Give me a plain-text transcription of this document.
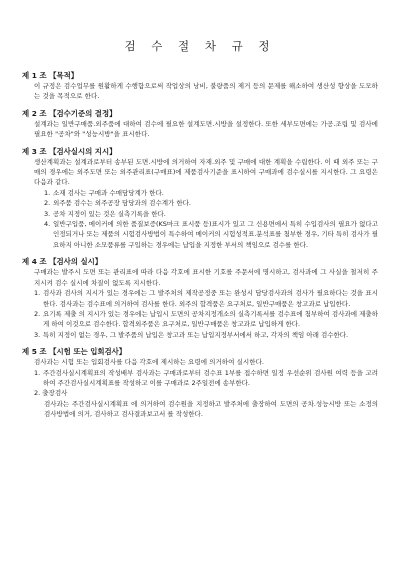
검 수 절 차 규 정

제 1 조 【목적】

이 규정은 검수업무를 원활하게 수행함으로써 작업상의 낭비, 불량품의 제거 등의 문제를 해소하여 생산성 향상을 도모하는 것을 목적으로 한다.

제 2 조 【검수기준의 결정】

설계과는 일반구매품.외주품에 대하여 검수에 필요한 설계도면.시방을 설정한다. 또한 세부도면에는 가공.조립 및 검사에 필요한 "공차"와 "성능시방"을 표시한다.

제 3 조 【검사실시의 지시】

생산계획과는 설계과로부터 송부된 도면.시방에 의거하여 자재.외주 및 구매에 대한 계획을 수립한다. 이 때 외주 또는 구매의 경우에는 외주도면 또는 외주관리표(구매표)에 제품검사기준을 표시하여 구매과에 검수실시를 지시한다. 그 요령은 다음과 같다.

1. 소재 검사는 구매과 수매담당계가 한다.
2. 외주품 검수는 외주공장 담당과의 검수계가 한다.
3. 공차 지정이 있는 것은 실측기록을 한다.
4. 일반구입품, 메이커에 의한 품질보증(KS마크 표시품 등)표시가 있고 그 신용면에서 특히 수입검사의 필요가 없다고 인정되거나 또는 제품의 시험검사방법이 특수하여 메이커의 시험성적표.분석표를 첨부한 경우, 기타 특히 검사가 필요하지 아니한 소모품류를 구입하는 경우에는 납입을 지정한 부서의 책임으로 검수를 한다.

제 4 조 【검사의 실시】

구매과는 발주시 도면 또는 관리표에 따라 다음 각호에 표시한 기호를 주문서에 명시하고, 검사과에 그 사실을 철저히 주지시켜 검수 실시에 차질이 없도록 지시한다.

1. 검사과 검사의 지시가 있는 경우에는 그 발주처의 제작공정중 또는 완성시 담당검사과의 검사가 필요하다는 것을 표시한다. 검사과는 검수표에 의거하여 검사를 한다. 외주의 합격품은 요구처로, 일반구매품은 창고과로 납입한다.
2. 요기록 제출 의 지시가 있는 경우에는 납입시 도면의 공차지정개소의 실측기록서를 검수표에 첨부하여 검사과에 제출하게 하여 이것으로 검수한다. 합격외주품은 요구처로, 일반구매품은 창고과로 납입하게 한다.
3. 특히 지정이 없는 경우, 그 발주품의 납입은 창고과 또는 납입지정부서에서 하고, 각자의 책임 아래 검수한다.

제 5 조 【시험 또는 입회검사】

검사과는 시험 또는 입회검사를 다음 각호에 제시하는 요령에 의거하여 실시한다.

1. 주간검사실시계획표의 작성배부 검사과는 구매과로부터 검수표 1부를 접수하면 일정 우선순위 검사원 여력 등을 고려하여 주간검사실시계획표를 작성하고 이를 구매과로 2주일전에 송부한다.
2. 출장검사
검사과는 주간검사실시계획표 에 의거하여 검수원을 지정하고 발주처에 출장하여 도면의 공차.성능시방 또는 소정의 검사방법에 의거, 검사하고 검사결과보고서 를 작성한다.
